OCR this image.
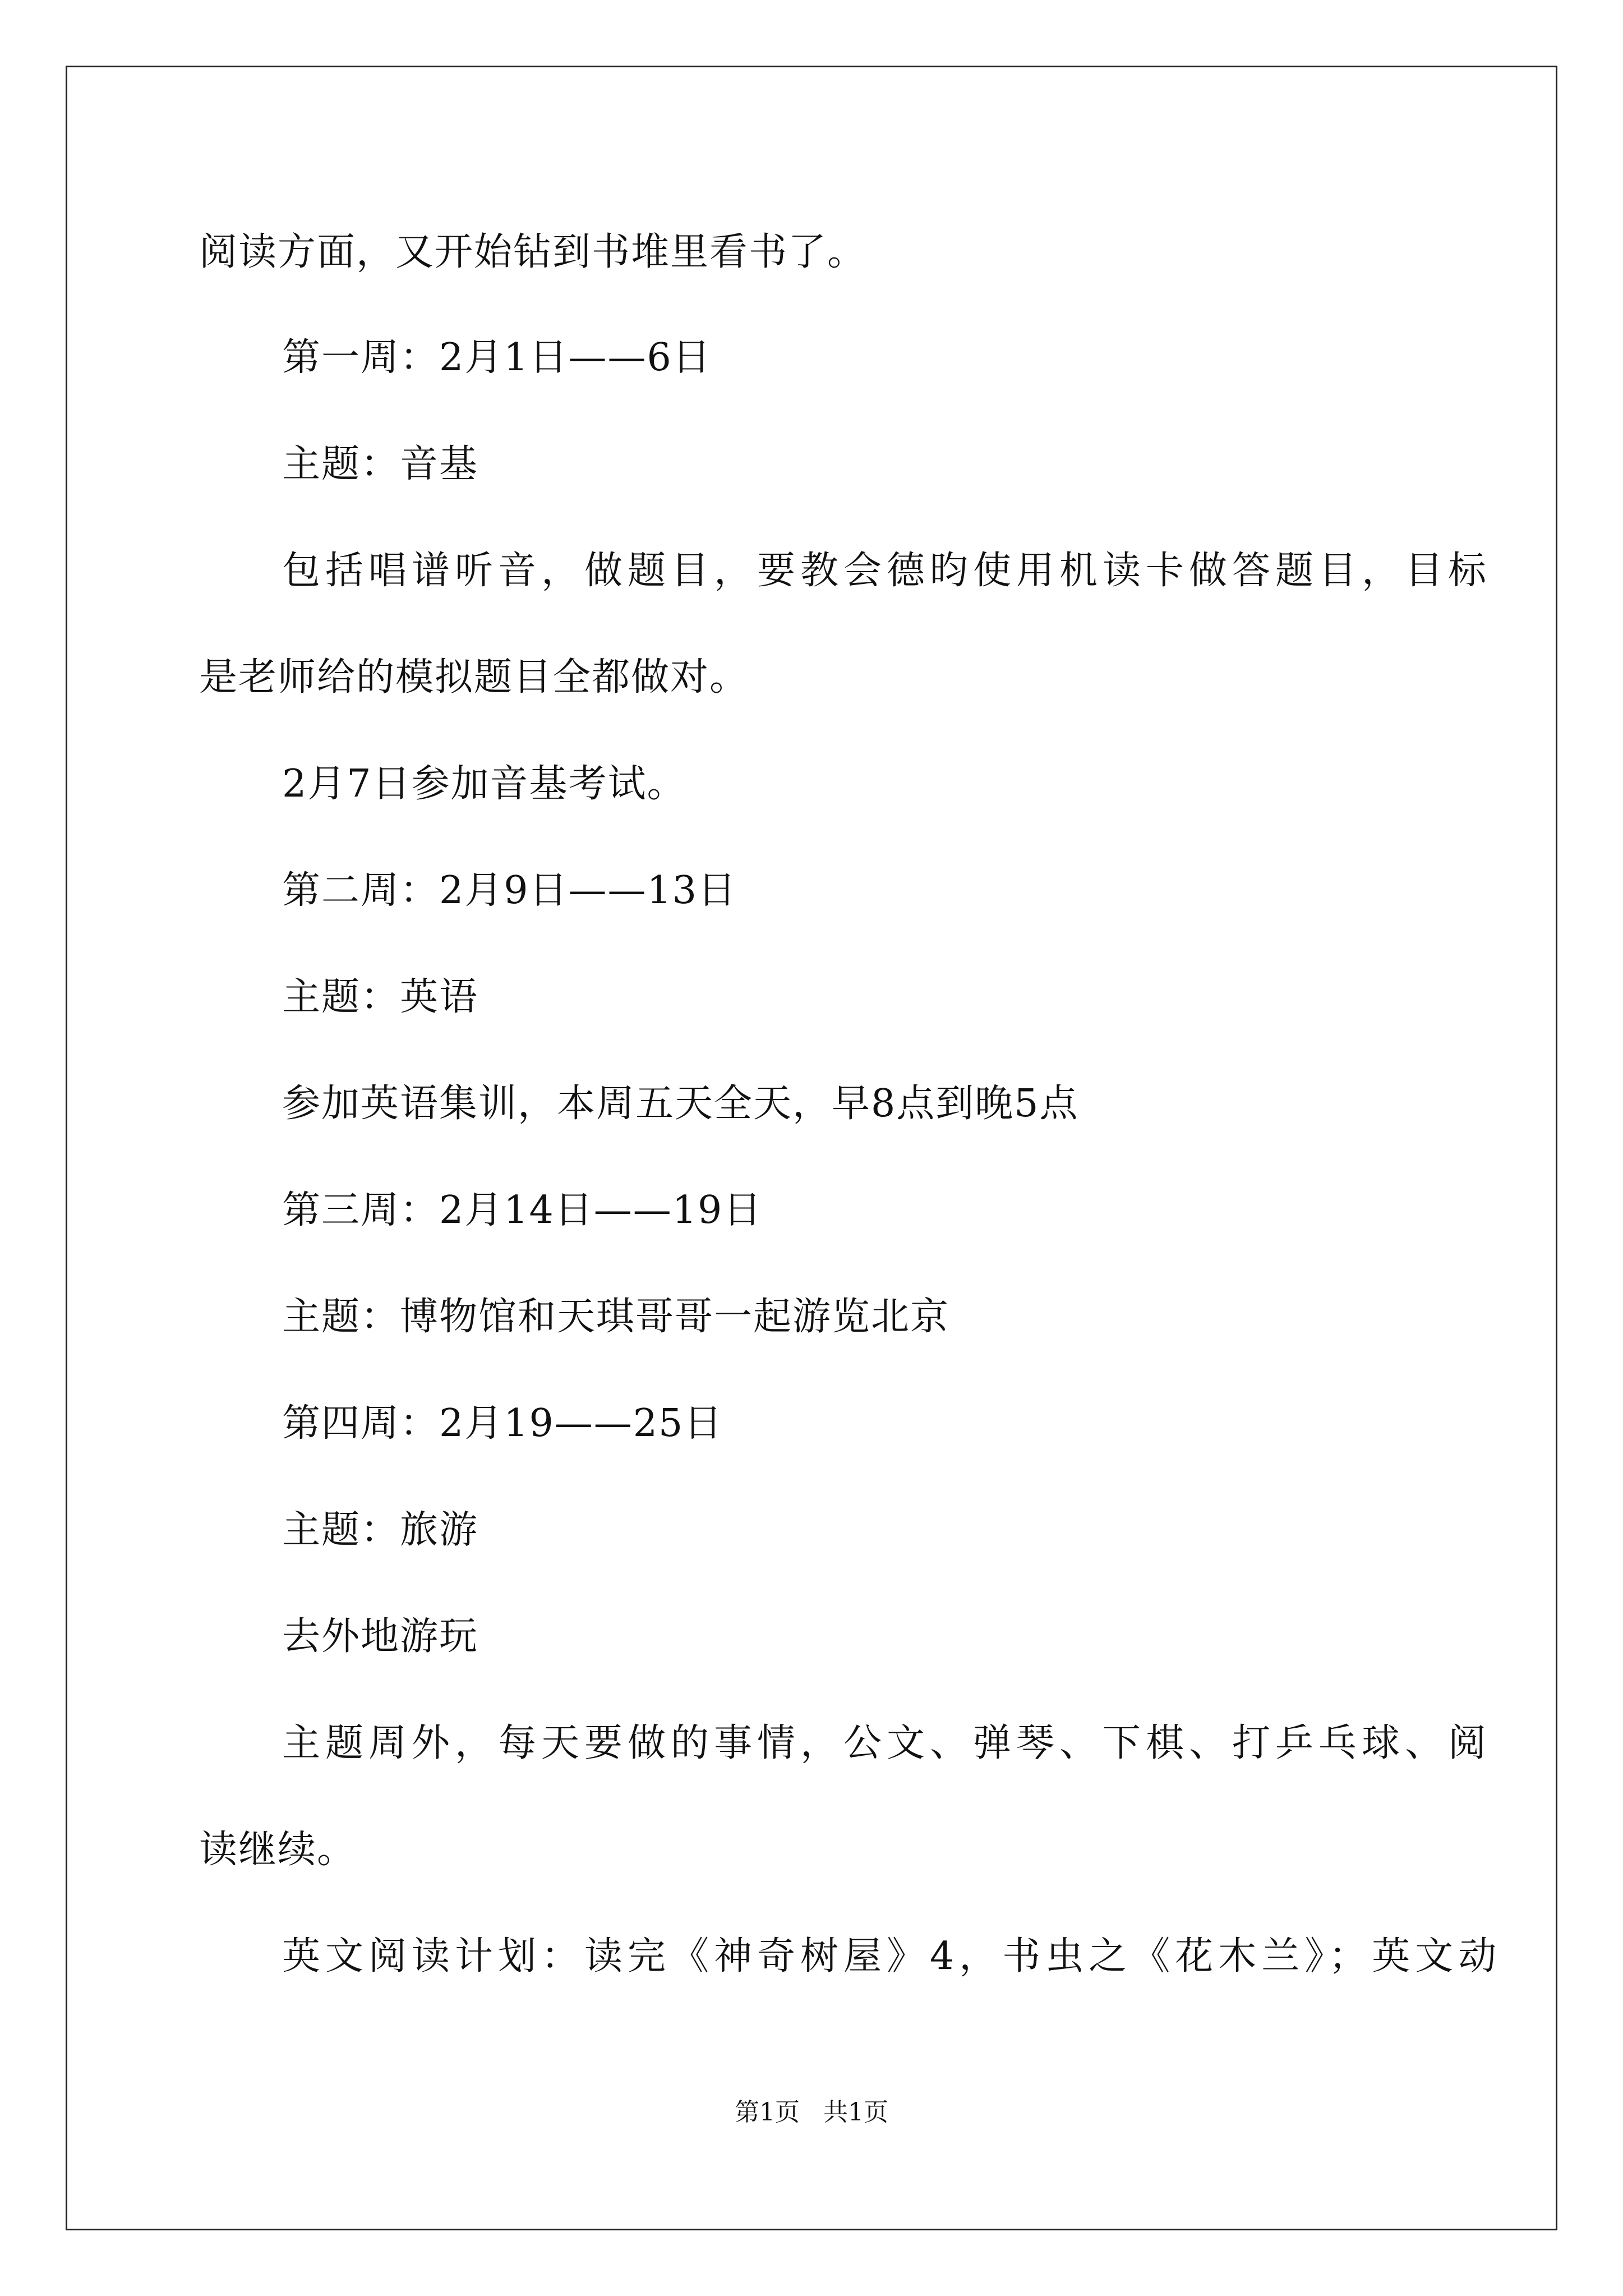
阅读方面，又开始钻到书堆里看书了。
第一周：2月1日——6日
主题：音基
包括唱谱听音，做题目，要教会德昀使用机读卡做答题目，目标
是老师给的模拟题目全都做对。
2月7日参加音基考试。
第二周：2月9日——13日
主题：英语
参加英语集训，本周五天全天，早8点到晚5点
第三周：2月14日——19日
主题：博物馆和天琪哥哥一起游览北京
第四周：2月19——25日
主题：旅游
去外地游玩
主题周外，每天要做的事情，公文、弹琴、下棋、打乒乓球、阅
读继续。
英文阅读计划：读完《神奇树屋》4，书虫之《花木兰》；英文动
第1页 共1页
